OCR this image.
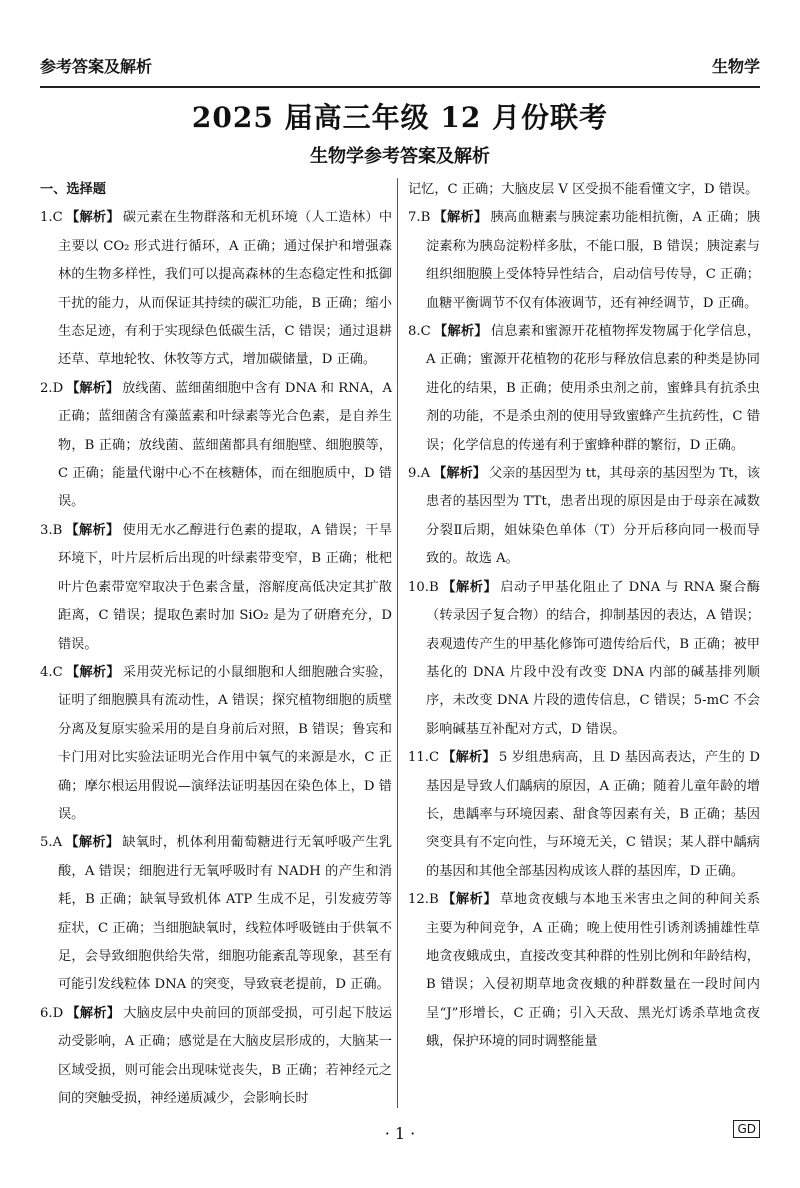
参考答案及解析	生物学
2025 届高三年级 12 月份联考
生物学参考答案及解析
一、选择题

1.C 【解析】 碳元素在生物群落和无机环境（人工造林）中主要以 CO₂ 形式进行循环，A 正确；通过保护和增强森林的生物多样性，我们可以提高森林的生态稳定性和抵御干扰的能力，从而保证其持续的碳汇功能，B 正确；缩小生态足迹，有利于实现绿色低碳生活，C 错误；通过退耕还草、草地轮牧、休牧等方式，增加碳储量，D 正确。

2.D 【解析】 放线菌、蓝细菌细胞中含有 DNA 和 RNA，A 正确；蓝细菌含有藻蓝素和叶绿素等光合色素，是自养生物，B 正确；放线菌、蓝细菌都具有细胞壁、细胞膜等，C 正确；能量代谢中心不在核糖体，而在细胞质中，D 错误。

3.B 【解析】 使用无水乙醇进行色素的提取，A 错误；干旱环境下，叶片层析后出现的叶绿素带变窄，B 正确；枇杷叶片色素带宽窄取决于色素含量，溶解度高低决定其扩散距离，C 错误；提取色素时加 SiO₂ 是为了研磨充分，D 错误。

4.C 【解析】 采用荧光标记的小鼠细胞和人细胞融合实验，证明了细胞膜具有流动性，A 错误；探究植物细胞的质壁分离及复原实验采用的是自身前后对照，B 错误；鲁宾和卡门用对比实验法证明光合作用中氧气的来源是水，C 正确；摩尔根运用假说—演绎法证明基因在染色体上，D 错误。

5.A 【解析】 缺氧时，机体利用葡萄糖进行无氧呼吸产生乳酸，A 错误；细胞进行无氧呼吸时有 NADH 的产生和消耗，B 正确；缺氧导致机体 ATP 生成不足，引发疲劳等症状，C 正确；当细胞缺氧时，线粒体呼吸链由于供氧不足，会导致细胞供给失常，细胞功能紊乱等现象，甚至有可能引发线粒体 DNA 的突变，导致衰老提前，D 正确。

6.D 【解析】 大脑皮层中央前回的顶部受损，可引起下肢运动受影响，A 正确；感觉是在大脑皮层形成的，大脑某一区域受损，则可能会出现味觉丧失，B 正确；若神经元之间的突触受损，神经递质减少，会影响长时

记忆，C 正确；大脑皮层 V 区受损不能看懂文字，D 错误。

7.B 【解析】 胰高血糖素与胰淀素功能相抗衡，A 正确；胰淀素称为胰岛淀粉样多肽，不能口服，B 错误；胰淀素与组织细胞膜上受体特异性结合，启动信号传导，C 正确；血糖平衡调节不仅有体液调节，还有神经调节，D 正确。

8.C 【解析】 信息素和蜜源开花植物挥发物属于化学信息，A 正确；蜜源开花植物的花形与释放信息素的种类是协同进化的结果，B 正确；使用杀虫剂之前，蜜蜂具有抗杀虫剂的功能，不是杀虫剂的使用导致蜜蜂产生抗药性，C 错误；化学信息的传递有利于蜜蜂种群的繁衍，D 正确。

9.A 【解析】 父亲的基因型为 tt，其母亲的基因型为 Tt，该患者的基因型为 TTt，患者出现的原因是由于母亲在减数分裂Ⅱ后期，姐妹染色单体（T）分开后移向同一极而导致的。故选 A。

10.B 【解析】 启动子甲基化阻止了 DNA 与 RNA 聚合酶（转录因子复合物）的结合，抑制基因的表达，A 错误；表观遗传产生的甲基化修饰可遗传给后代，B 正确；被甲基化的 DNA 片段中没有改变 DNA 内部的碱基排列顺序，未改变 DNA 片段的遗传信息，C 错误；5-mC 不会影响碱基互补配对方式，D 错误。

11.C 【解析】 5 岁组患病高，且 D 基因高表达，产生的 D 基因是导致人们龋病的原因，A 正确；随着儿童年龄的增长，患龋率与环境因素、甜食等因素有关，B 正确；基因突变具有不定向性，与环境无关，C 错误；某人群中龋病的基因和其他全部基因构成该人群的基因库，D 正确。

12.B 【解析】 草地贪夜蛾与本地玉米害虫之间的种间关系主要为种间竞争，A 正确；晚上使用性引诱剂诱捕雄性草地贪夜蛾成虫，直接改变其种群的性别比例和年龄结构，B 错误；入侵初期草地贪夜蛾的种群数量在一段时间内呈“J”形增长，C 正确；引入天敌、黑光灯诱杀草地贪夜蛾，保护环境的同时调整能量

· 1 ·	GD
